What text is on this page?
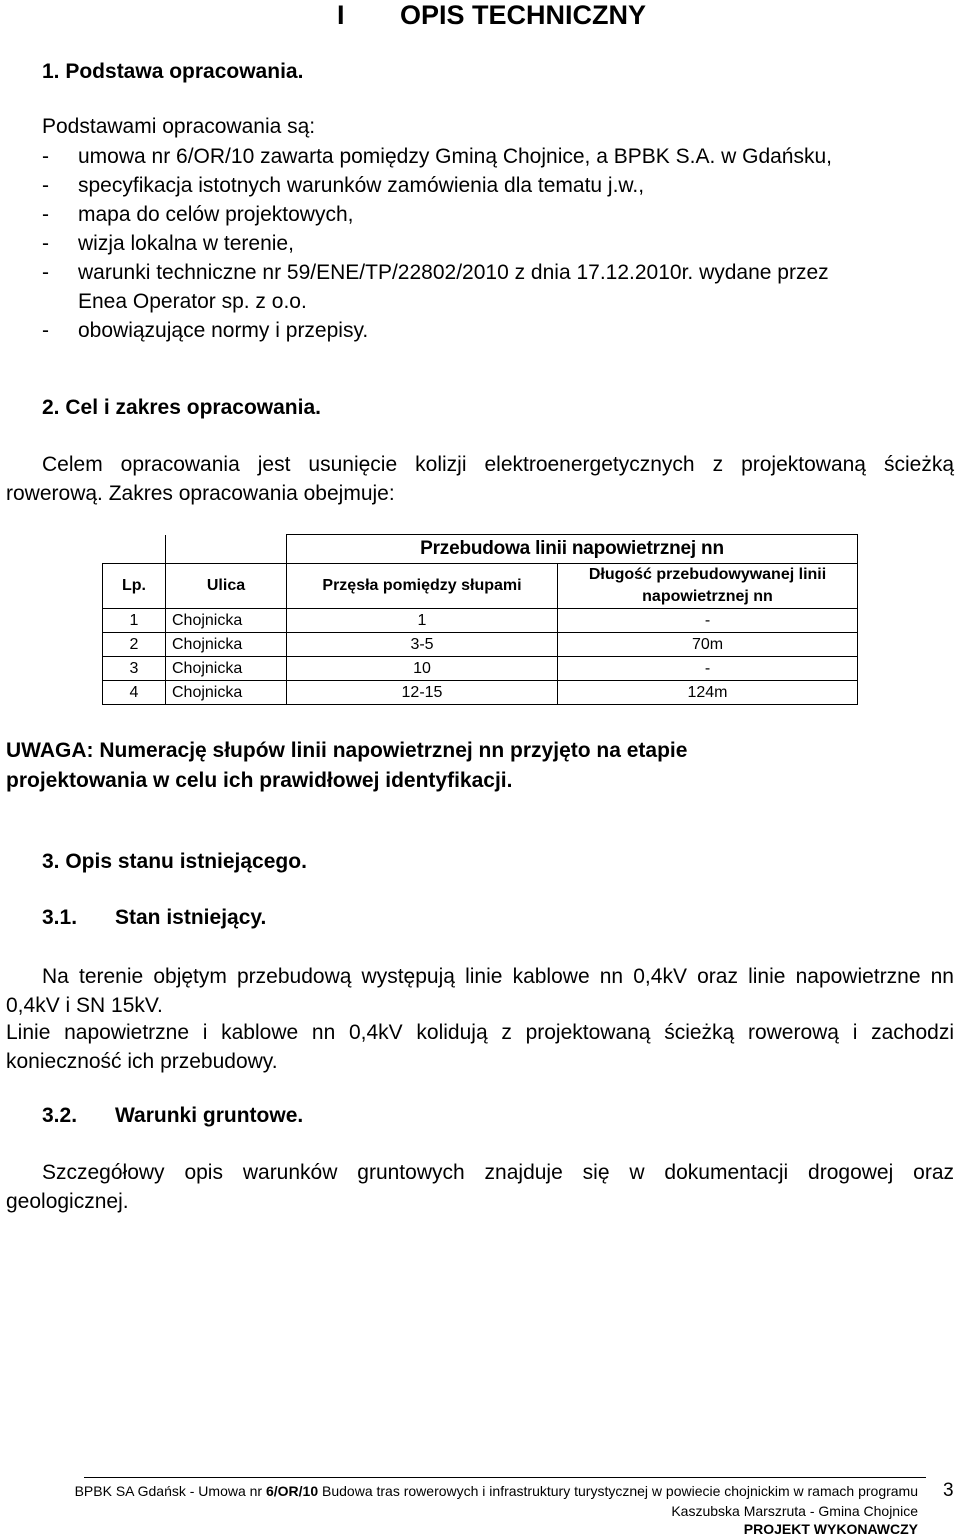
I OPIS TECHNICZNY
1. Podstawa opracowania.
Podstawami opracowania są:
- umowa nr 6/OR/10 zawarta pomiędzy Gminą Chojnice, a BPBK S.A. w Gdańsku,
- specyfikacja istotnych warunków zamówienia dla tematu j.w.,
- mapa do celów projektowych,
- wizja lokalna w terenie,
- warunki techniczne nr 59/ENE/TP/22802/2010 z dnia 17.12.2010r. wydane przez
Enea Operator sp. z o.o.
- obowiązujące normy i przepisy.
2. Cel i zakres opracowania.
Celem opracowania jest usunięcie kolizji elektroenergetycznych z projektowaną ścieżką rowerową. Zakres opracowania obejmuje:
		Przebudowa linii napowietrznej nn	
Lp.	Ulica	Przęsła pomiędzy słupami	Długość przebudowywanej linii napowietrznej nn
1	Chojnicka	1	-
2	Chojnicka	3-5	70m
3	Chojnicka	10	-
4	Chojnicka	12-15	124m
UWAGA: Numerację słupów linii napowietrznej nn przyjęto na etapie
projektowania w celu ich prawidłowej identyfikacji.
3. Opis stanu istniejącego.
3.1. Stan istniejący.
Na terenie objętym przebudową występują linie kablowe nn 0,4kV oraz linie napowietrzne nn 0,4kV i SN 15kV.
Linie napowietrzne i kablowe nn 0,4kV kolidują z projektowaną ścieżką rowerową i zachodzi konieczność ich przebudowy.
3.2. Warunki gruntowe.
Szczegółowy opis warunków gruntowych znajduje się w dokumentacji drogowej oraz geologicznej.
BPBK SA Gdańsk - Umowa nr 6/OR/10 Budowa tras rowerowych i infrastruktury turystycznej w powiecie chojnickim w ramach programu
Kaszubska Marszruta - Gmina Chojnice
PROJEKT WYKONAWCZY
3
